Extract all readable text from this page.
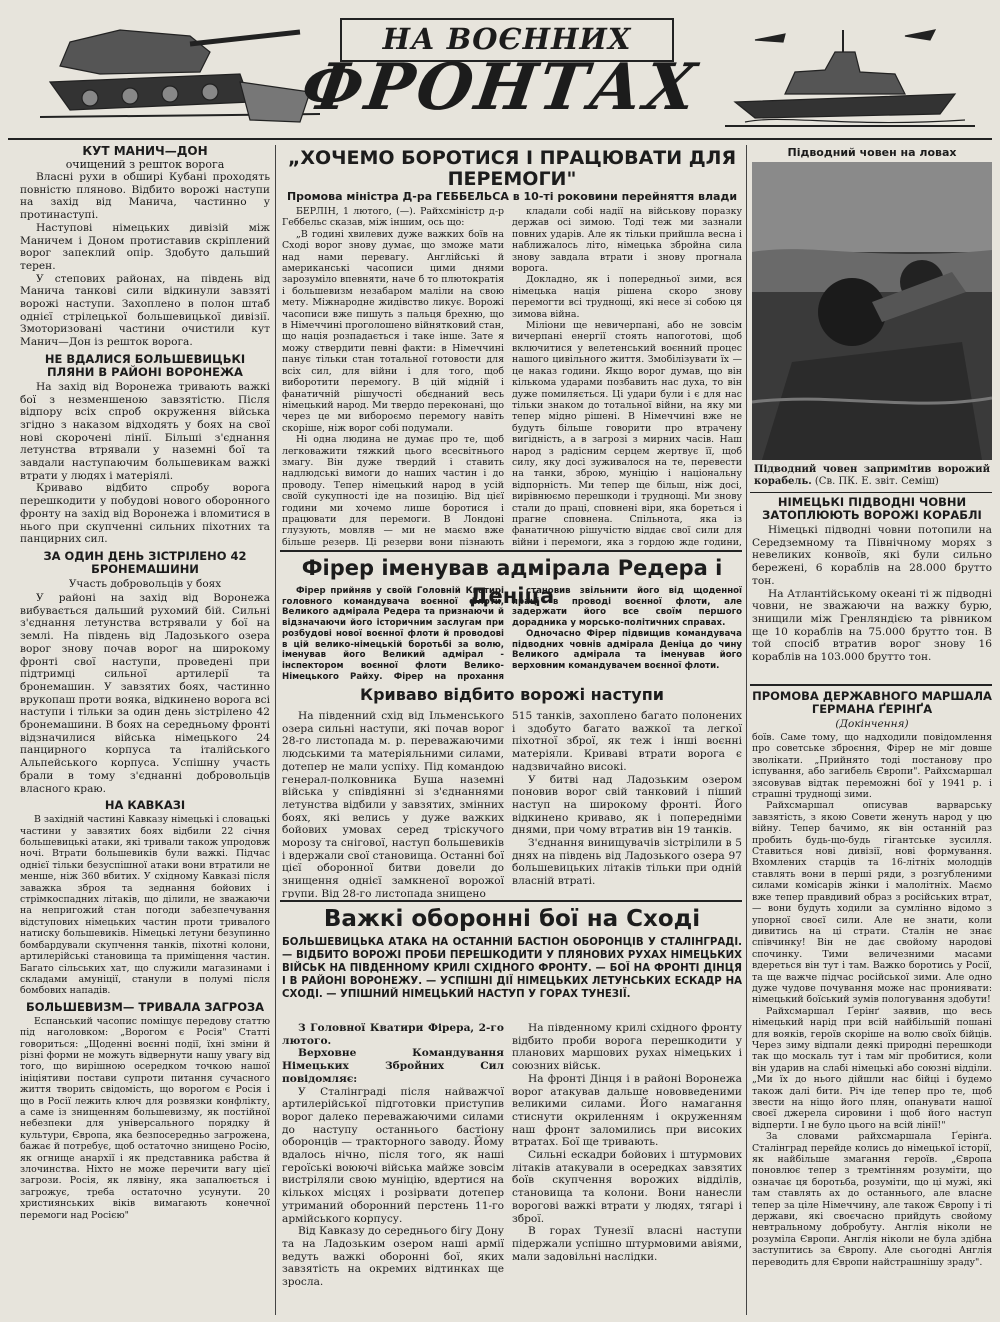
НА ВОЄННИХ
ФРОНТАХ
КУТ МАНИЧ—ДОН
очищений з решток ворога

Власні рухи в обширі Кубані проходять повністю пляново. Відбито ворожі наступи на захід від Манича, частинно у протинаступі.

Наступові німецьких дивізій між Маничем і Доном протиставив скріплений ворог запеклий опір. Здобуто дальший терен.

У степових районах, на південь від Манича танкові сили відкинули завзяті ворожі наступи. Захоплено в полон штаб однієї стрілецької большевицької дивізії. Змоторизовані частини очистили кут Манич—Дон із решток ворога.

НЕ ВДАЛИСЯ БОЛЬШЕВИЦЬКІ ПЛЯНИ В РАЙОНІ ВОРОНЕЖА

На захід від Воронежа тривають важкі бої з незменшеною завзятістю. Після відпору всіх спроб окруження війська згідно з наказом відходять у боях на свої нові скорочені лінії. Більші з'єднання летунства втрявали у наземні бої та завдали наступаючим большевикам важкі втрати у людях і матеріялі.

Криваво відбито спробу ворога перешкодити у побудові нового оборонного фронту на захід від Воронежа і вломитися в нього при скупченні сильних піхотних та панцирних сил.

ЗА ОДИН ДЕНЬ ЗІСТРІЛЕНО 42 БРОНЕМАШИНИ
Участь добровольців у боях

У районі на захід від Воронежа вибувається дальший рухомий бій. Сильні з'єднання летунства встрявали у бої на землі. На південь від Ладозького озера ворог знову почав ворог на широкому фронті свої наступи, проведені при підтримці сильної артилерії та бронемашин. У завзятих боях, частинно врукопаш проти вояка, відкинено ворога всі наступи і тільки за один день зістрілено 42 бронемашини. В боях на середньому фронті відзначилися війська німецького 24 панцирного корпуса та італійського Альпейського корпуса. Успішну участь брали в тому з'єднанні добровольців власного краю.

НА КАВКАЗІ

В західній частині Кавказу німецькі і словацькі частини у завзятих боях відбили 22 січня большевицькі атаки, які тривали також упродовж ночі. Втрати большевиків були важкі. Підчас однієї тільки безуспішної атаки вони втратили не менше, ніж 360 вбитих. У східному Кавказі після заважка зброя та зеднання бойових і стрімкоспадних літаків, що ділили, не зважаючи на непригожий стан погоди забезпечування відступових німецьких частин проти тривалого натиску большевиків. Німецькі летуни безупинно бомбардували скупчення танків, піхотні колони, артилерійські становища та приміщення частин. Багато сільських хат, що служили магазинами і складами амуніції, станули в полумі після бомбових нападів.

БОЛЬШЕВИЗМ— ТРИВАЛА ЗАГРОЗА

Еспанський часопис поміщує передову статтю під наголовком: „Ворогом є Росія" Статті говориться: „Щоденні воєнні події, їхні зміни й різні форми не можуть відвернути нашу увагу від того, що вирішною осередком точкою нашої ініціятиви постави супроти питання сучасного життя творить свідомість, що ворогом є Росія і що в Росії лежить ключ для розвязки конфлікту, а саме із знищенням большевизму, як постійної небезпеки для універсального порядку й культури, Європа, яка безпосередньо загрожена, бажає й потребує, щоб остаточно знищено Росію, як огнище анархії і як представника рабства й злочинства. Ніхто не може перечити вагу цієї загрози. Росія, як лявіну, яка запалюється і загрожує, треба остаточно усунути. 20 християнських віків вимагають конечної перемоги над Росією"

„ХОЧЕМО БОРОТИСЯ І ПРАЦЮВАТИ ДЛЯ ПЕРЕМОГИ"
Промова міністра Д-ра ГЕББЕЛЬСА в 10-ті роковини перейняття влади

БЕРЛІН, 1 лютого, (—). Райхсміністр д-р Геббельс сказав, між іншим, ось що:

„В годині хвилевих дуже важких боїв на Сході ворог знову думає, що зможе мати над нами перевагу. Англійські й американські часописи цими днями зарозуміло впевняти, наче б то плютократія і большевизм незабаром маліли на свою мету. Міжнародне жидівство ликує. Ворожі часописи вже пишуть з пальця брехню, що в Німеччині проголошено війнятковий стан, що нація розпадається і таке інше. Зате я можу ствердити певні факти: в Німеччині панує тільки стан тотальної готовости для всіх сил, для війни і для того, щоб виборотити перемогу. В цій мідній і фанатичній рішучості обєднаний весь німецький народ. Ми твердо переконані, що через це ми вибороємо перемогу навіть скоріше, ніж ворог собі подумали.

Ні одна людина не думає про те, щоб легковажити тяжкий цього всесвітнього змагу. Він дуже твердий і ставить надлюдські вимоги до наших частин і до проводу. Тепер німецький народ в усій своїй сукупності іде на позицію. Від цієї години ми хочемо лише боротися і працювати для перемоги. В Лондоні глузують, мовляв — ми не маємо вже більше резерв. Ці резерви вони пізнають

кладали собі надії на військову поразку держав осі зимою. Тоді теж ми зазнали повних ударів. Але як тільки прийшла весна і наближалось літо, німецька збройна сила знову завдала втрати і знову прогнала ворога.

Докладно, як і попередньої зими, вся німецька нація рішена скоро знову перемогти всі труднощі, які несе зі собою ця зимова війна.

Міліони ще невичерпані, або не зовсім вичерпані енергії стоять напоготові, щоб включитися у велетенський воєнний процес нашого цивільного життя. Змобілізувати їх — це наказ години. Якщо ворог думав, що він кількома ударами позбавить нас духа, то він дуже помиляється. Ці удари були і є для нас тільки знаком до тотальної війни, на яку ми тепер мідно рішені. В Німеччині вже не будуть більше говорити про втрачену вигідність, а в загрозі з мирних часів. Наш народ з радісним серцем жертвує її, щоб силу, яку досі зуживалося на те, перевести на танки, зброю, муніцію і національну відпорність. Ми тепер ще більш, ніж досі, вирівнюємо перешкоди і труднощі. Ми знову стали до праці, сповнені віри, яка бореться і прагне сповнена. Спільнота, яка із фанатичною рішучістю віддає свої сили для війни і перемоги, яка з гордою жде години,

Підводний човен на ловах
Підводний човен запримітив ворожий корабель. (Св. ПК. Е. звіт. Семіш)
НІМЕЦЬКІ ПІДВОДНІ ЧОВНИ ЗАТОПЛЮЮТЬ ВОРОЖІ КОРАБЛІ

Німецькі підводні човни потопили на Середземному та Північному морях з невеликих конвоїв, які були сильно бережені, 6 кораблів на 28.000 брутто тон.

На Атлантійському океані ті ж підводні човни, не зважаючи на важку бурю, знищили між Гренляндією та рівником ще 10 кораблів на 75.000 брутто тон. В той спосіб втратив ворог знову 16 кораблів на 103.000 брутто тон.

ПРОМОВА ДЕРЖАВНОГО МАРШАЛА ГЕРМАНА ҐЕРІНҐА
(Докінчення)

боїв. Саме тому, що надходили повідомлення про советське зброєння, Фірер не міг довше зволікати. „Прийнято тоді постанову про іспування, або загибель Європи". Райхсмаршал зясовував відтак переможні бої у 1941 р. і страшні труднощі зими.

Райхсмаршал описував варварську завзятість, з якою Совети женуть народ у цю війну. Тепер бачимо, як він останній раз пробить будь-що-будь гігантське зусилля. Ставиться нові дивізії, нові формування. Вхомлених старців та 16-літніх молодців ставлять вони в перші ряди, з розгубленими силами комісарів жінки і малолітніх. Маємо вже тепер правдивий образ з російських втрат, — вони будуть ходили за сумлінно відомо з упорної своєї сили. Але не знати, коли дивитись на ці страти. Сталін не знає співчинку! Він не дає свойому народові спочинку. Тими величезними масами вдереться він тут і там. Важко боротись у Росії, та ще важче підчас російської зими. Але одно дуже чудове почування може нас прониявати: німецький боїський зумів пологування здобути!

Райхсмаршал Ґерінґ заявив, що весь німецький нарід при всій найбільшій пошані для вояків, героїв скоріше на волю своїх бійців. Через зиму відпали деякі природні перешкоди так що москаль тут і там міг пробитися, коли він ударив на слабі німецькі або союзні відділи. „Ми їх до нього дійшли нас бійці і будемо також далі бити. Річ іде тепер про те, щоб звести на ніщо його плян, опанувати нашої своєї джерела сировини і щоб його наступ відперти. І не було цього на всій лінії!"

За словами райхсмаршала Ґерінґа. Сталінград перейде колись до німецької історії, як найбільше змагання героїв. „Європа поновлює тепер з тремтінням розуміти, що означає ця боротьба, розуміти, що ці мужі, які там ставлять ах до останнього, але власне тепер за ціле Німеччину, але також Європу і ті держави, які своєчасно прийдуть свойому невтральному добробуту. Англія ніколи не розуміла Європи. Англія ніколи не була здібна заступитись за Європу. Але сьогодні Англія переводить для Європи найстрашнішу зраду".

Фірер іменував адмірала Редера і Деніца

Фірер прийняв у своїй Головній Кватирі головного командувача воєнної флоти, Великого адмірала Редера та признаючи й відзначаючи його історичним заслугам при розбудові нової воєнної флоти й проводові в цій велико-німецькій боротьбі за волю, іменував його Великий адмірал - інспектором воєнної флоти Велико-Німецького Райху. Фірер на прохання

становив звільнити його від щоденної праці в проводі воєнної флоти, але задержати його все своїм першого дорадника у морсько-політичних справах.

Одночасно Фірер підвищив командувача підводних човнів адмірала Деніца до чину Великого адмірала та іменував його верховним командувачем воєнної флоти.

Криваво відбито ворожі наступи

На південний схід від Ільменського озера сильні наступи, які почав ворог 28-го листопада м. р. переважаючими людськими та матеріяльними силами, дотепер не мали успіху. Під командою генерал-полковника Буша наземні війська у співдіянні зі з'єднаннями летунства відбили у завзятих, змінних боях, які велись у дуже важких бойових умовах серед тріскучого морозу та снігової, наступ большевиків і вдержали свої становища. Останні бої цієї оборонної битви довели до знищення однієї замкненої ворожої групи. Від 28-го листопада знищено

515 танків, захоплено багато полонених і здобуто багато важкої та легкої піхотної зброї, як теж і інші воєнні матеріяли. Криваві втрати ворога є надзвичайно високі.

У битві над Ладозьким озером поновив ворог свій танковий і піший наступ на широкому фронті. Його відкинено криваво, як і попередніми днями, при чому втратив він 19 танків.

З'єднання винищувачів зістрілили в 5 днях на південь від Ладозького озера 97 большевицьких літаків тільки при одній власній втраті.

Важкі оборонні бої на Сході
БОЛЬШЕВИЦЬКА АТАКА НА ОСТАННІЙ БАСТІОН ОБОРОНЦІВ У СТАЛІНГРАДІ. — ВІДБИТО ВОРОЖІ ПРОБИ ПЕРЕШКОДИТИ У ПЛЯНОВИХ РУХАХ НІМЕЦЬКИХ ВІЙСЬК НА ПІВДЕННОМУ КРИЛІ СХІДНОГО ФРОНТУ. — БОЇ НА ФРОНТІ ДІНЦЯ І В РАЙОНІ ВОРОНЕЖУ. — УСПІШНІ ДІЇ НІМЕЦЬКИХ ЛЕТУНСЬКИХ ЕСКАДР НА СХОДІ. — УПІШНИЙ НІМЕЦЬКИЙ НАСТУП У ГОРАХ ТУНЕЗІЇ.

З Головної Кватири Фірера, 2-го лютого.

Верховне Командування Німецьких Збройних Сил повідомляє:

У Сталінграді після найважчої артилерійської підготовки приступив ворог далеко переважаючими силами до наступу останнього бастіону оборонців — тракторного заводу. Йому вдалось нічно, після того, як наші героїські воюючі війська майже зовсім вистріляли свою муніцію, вдертися на кількох місцях і розірвати дотепер утриманий оборонний перстень 11-го армійського корпусу.

Від Кавказу до середнього бігу Дону та на Ладозьким озером наші армії ведуть важкі оборонні бої, яких завзятість на окремих відтинках ще зросла.

На південному крилі східного фронту відбито проби ворога перешкодити у планових маршових рухах німецьких і союзних військ.

На фронті Дінця і в районі Воронежа ворог атакував дальше нововведеними великими силами. Його намагання стиснути окриленням і окруженням наш фронт заломились при високих втратах. Бої ще тривають.

Сильні ескадри бойових і штурмових літаків атакували в осередках завзятих боїв скупчення ворожих відділів, становища та колони. Вони нанесли ворогові важкі втрати у людях, тягарі і зброї.

В горах Тунезії власні наступи підержали успішно штурмовими авіями, мали задовільні наслідки.
